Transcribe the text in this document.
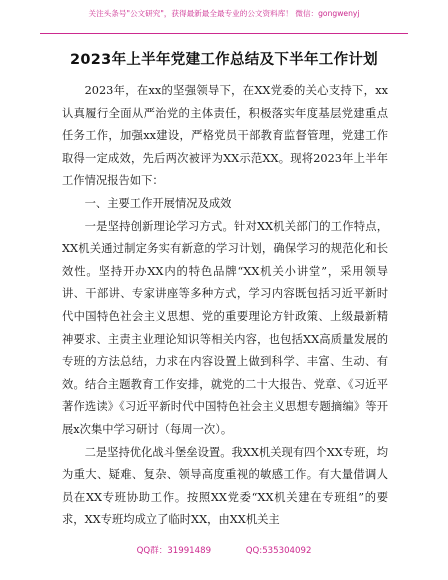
关注头条号"公文研究"，获得最新最全最专业的公文资料库！ 微信：gongwenyj
2023年上半年党建工作总结及下半年工作计划

2023年，在xx的坚强领导下，在XX党委的关心支持下，xx认真履行全面从严治党的主体责任，积极落实年度基层党建重点任务工作，加强xx建设，严格党员干部教育监督管理，党建工作取得一定成效，先后两次被评为XX示范XX。现将2023年上半年工作情况报告如下：

一、主要工作开展情况及成效

一是坚持创新理论学习方式。针对XX机关部门的工作特点，XX机关通过制定务实有新意的学习计划，确保学习的规范化和长效性。坚持开办XX内的特色品牌“XX机关小讲堂”，采用领导讲、干部讲、专家讲座等多种方式，学习内容既包括习近平新时代中国特色社会主义思想、党的重要理论方针政策、上级最新精神要求、主责主业理论知识等相关内容，也包括XX高质量发展的专班的方法总结，力求在内容设置上做到科学、丰富、生动、有效。结合主题教育工作安排，就党的二十大报告、党章、《习近平著作选读》《习近平新时代中国特色社会主义思想专题摘编》等开展x次集中学习研讨（每周一次）。

二是坚持优化战斗堡垒设置。我XX机关现有四个XX专班，均为重大、疑难、复杂、领导高度重视的敏感工作。有大量借调人员在XX专班协助工作。按照XX党委“XX机关建在专班组”的要求，XX专班均成立了临时XX，由XX机关主

QQ群：31991489	QQ:535304092
